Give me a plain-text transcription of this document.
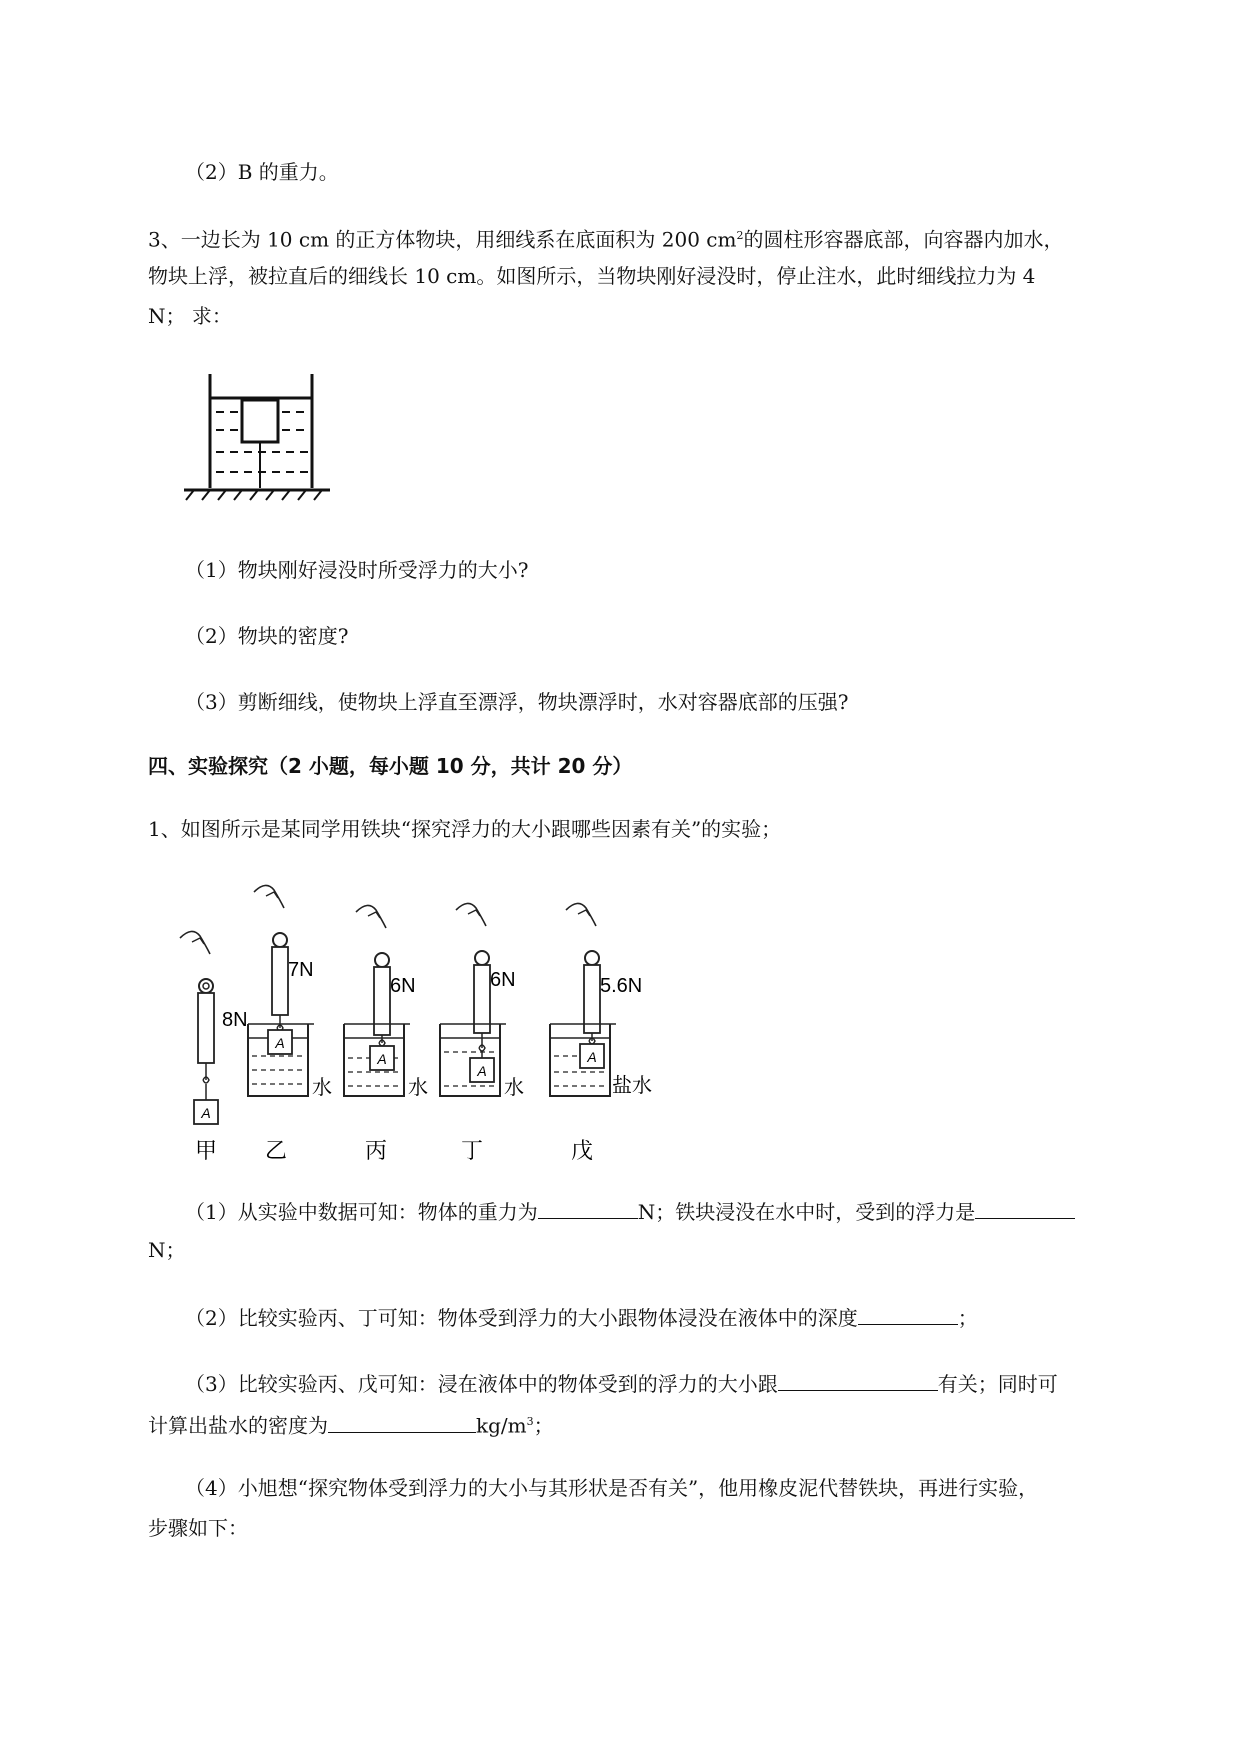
（2）B 的重力。
3、一边长为 10 cm 的正方体物块，用细线系在底面积为 200 $cm^2$的圆柱形容器底部，向容器内加水，
物块上浮，被拉直后的细线长 10 cm。如图所示，当物块刚好浸没时，停止注水，此时细线拉力为 4
N； 求：
（1）物块刚好浸没时所受浮力的大小?
（2）物块的密度?
（3）剪断细线，使物块上浮直至漂浮，物块漂浮时，水对容器底部的压强?
四、实验探究（2 小题，每小题 10 分，共计 20 分）
1、如图所示是某同学用铁块“探究浮力的大小跟哪些因素有关”的实验；
A
8N
甲
7N
A
水
乙
6N
A
水
丙
6N
A
水
丁
5.6N
A
盐水
戊
（1）从实验中数据可知：物体的重力为	N；铁块浸没在水中时，受到的浮力是
N；
（2）比较实验丙、丁可知：物体受到浮力的大小跟物体浸没在液体中的深度	；
（3）比较实验丙、戊可知：浸在液体中的物体受到的浮力的大小跟	有关；同时可
计算出盐水的密度为	$kg/m^3$；
（4）小旭想“探究物体受到浮力的大小与其形状是否有关”，他用橡皮泥代替铁块，再进行实验，
步骤如下：
